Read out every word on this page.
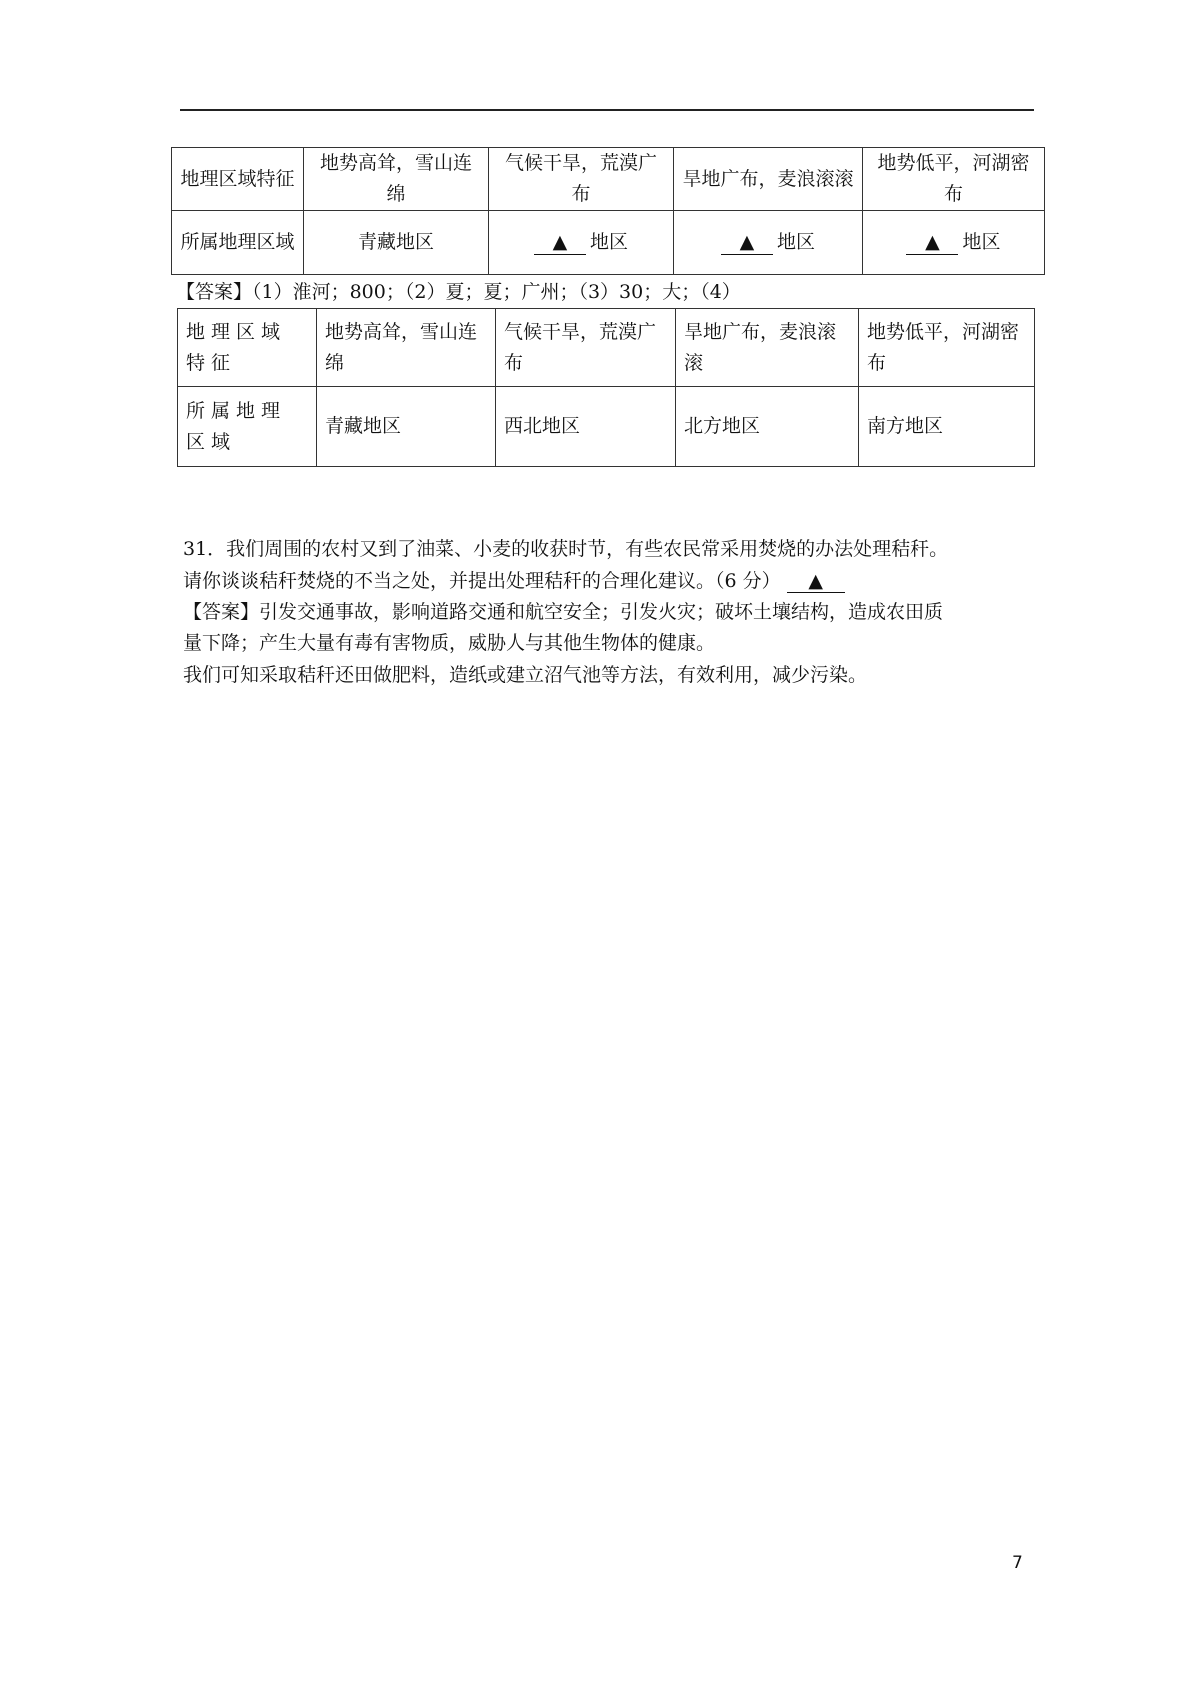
地理区域特征	地势高耸，雪山连绵	气候干旱，荒漠广布	旱地广布，麦浪滚滚	地势低平，河湖密布
所属地理区域	青藏地区	▲ 地区	▲ 地区	▲ 地区
【答案】（1）淮河；800；（2）夏；夏；广州；（3）30；大；（4）
地理区域特征	地势高耸，雪山连绵	气候干旱，荒漠广布	旱地广布，麦浪滚滚	地势低平，河湖密布
所属地理区域	青藏地区	西北地区	北方地区	南方地区
31．我们周围的农村又到了油菜、小麦的收获时节，有些农民常采用焚烧的办法处理秸秆。
请你谈谈秸秆焚烧的不当之处，并提出处理秸秆的合理化建议。（6 分） ▲
【答案】引发交通事故，影响道路交通和航空安全；引发火灾；破坏土壤结构，造成农田质
量下降；产生大量有毒有害物质，威胁人与其他生物体的健康。
我们可知采取秸秆还田做肥料，造纸或建立沼气池等方法，有效利用，减少污染。
7
